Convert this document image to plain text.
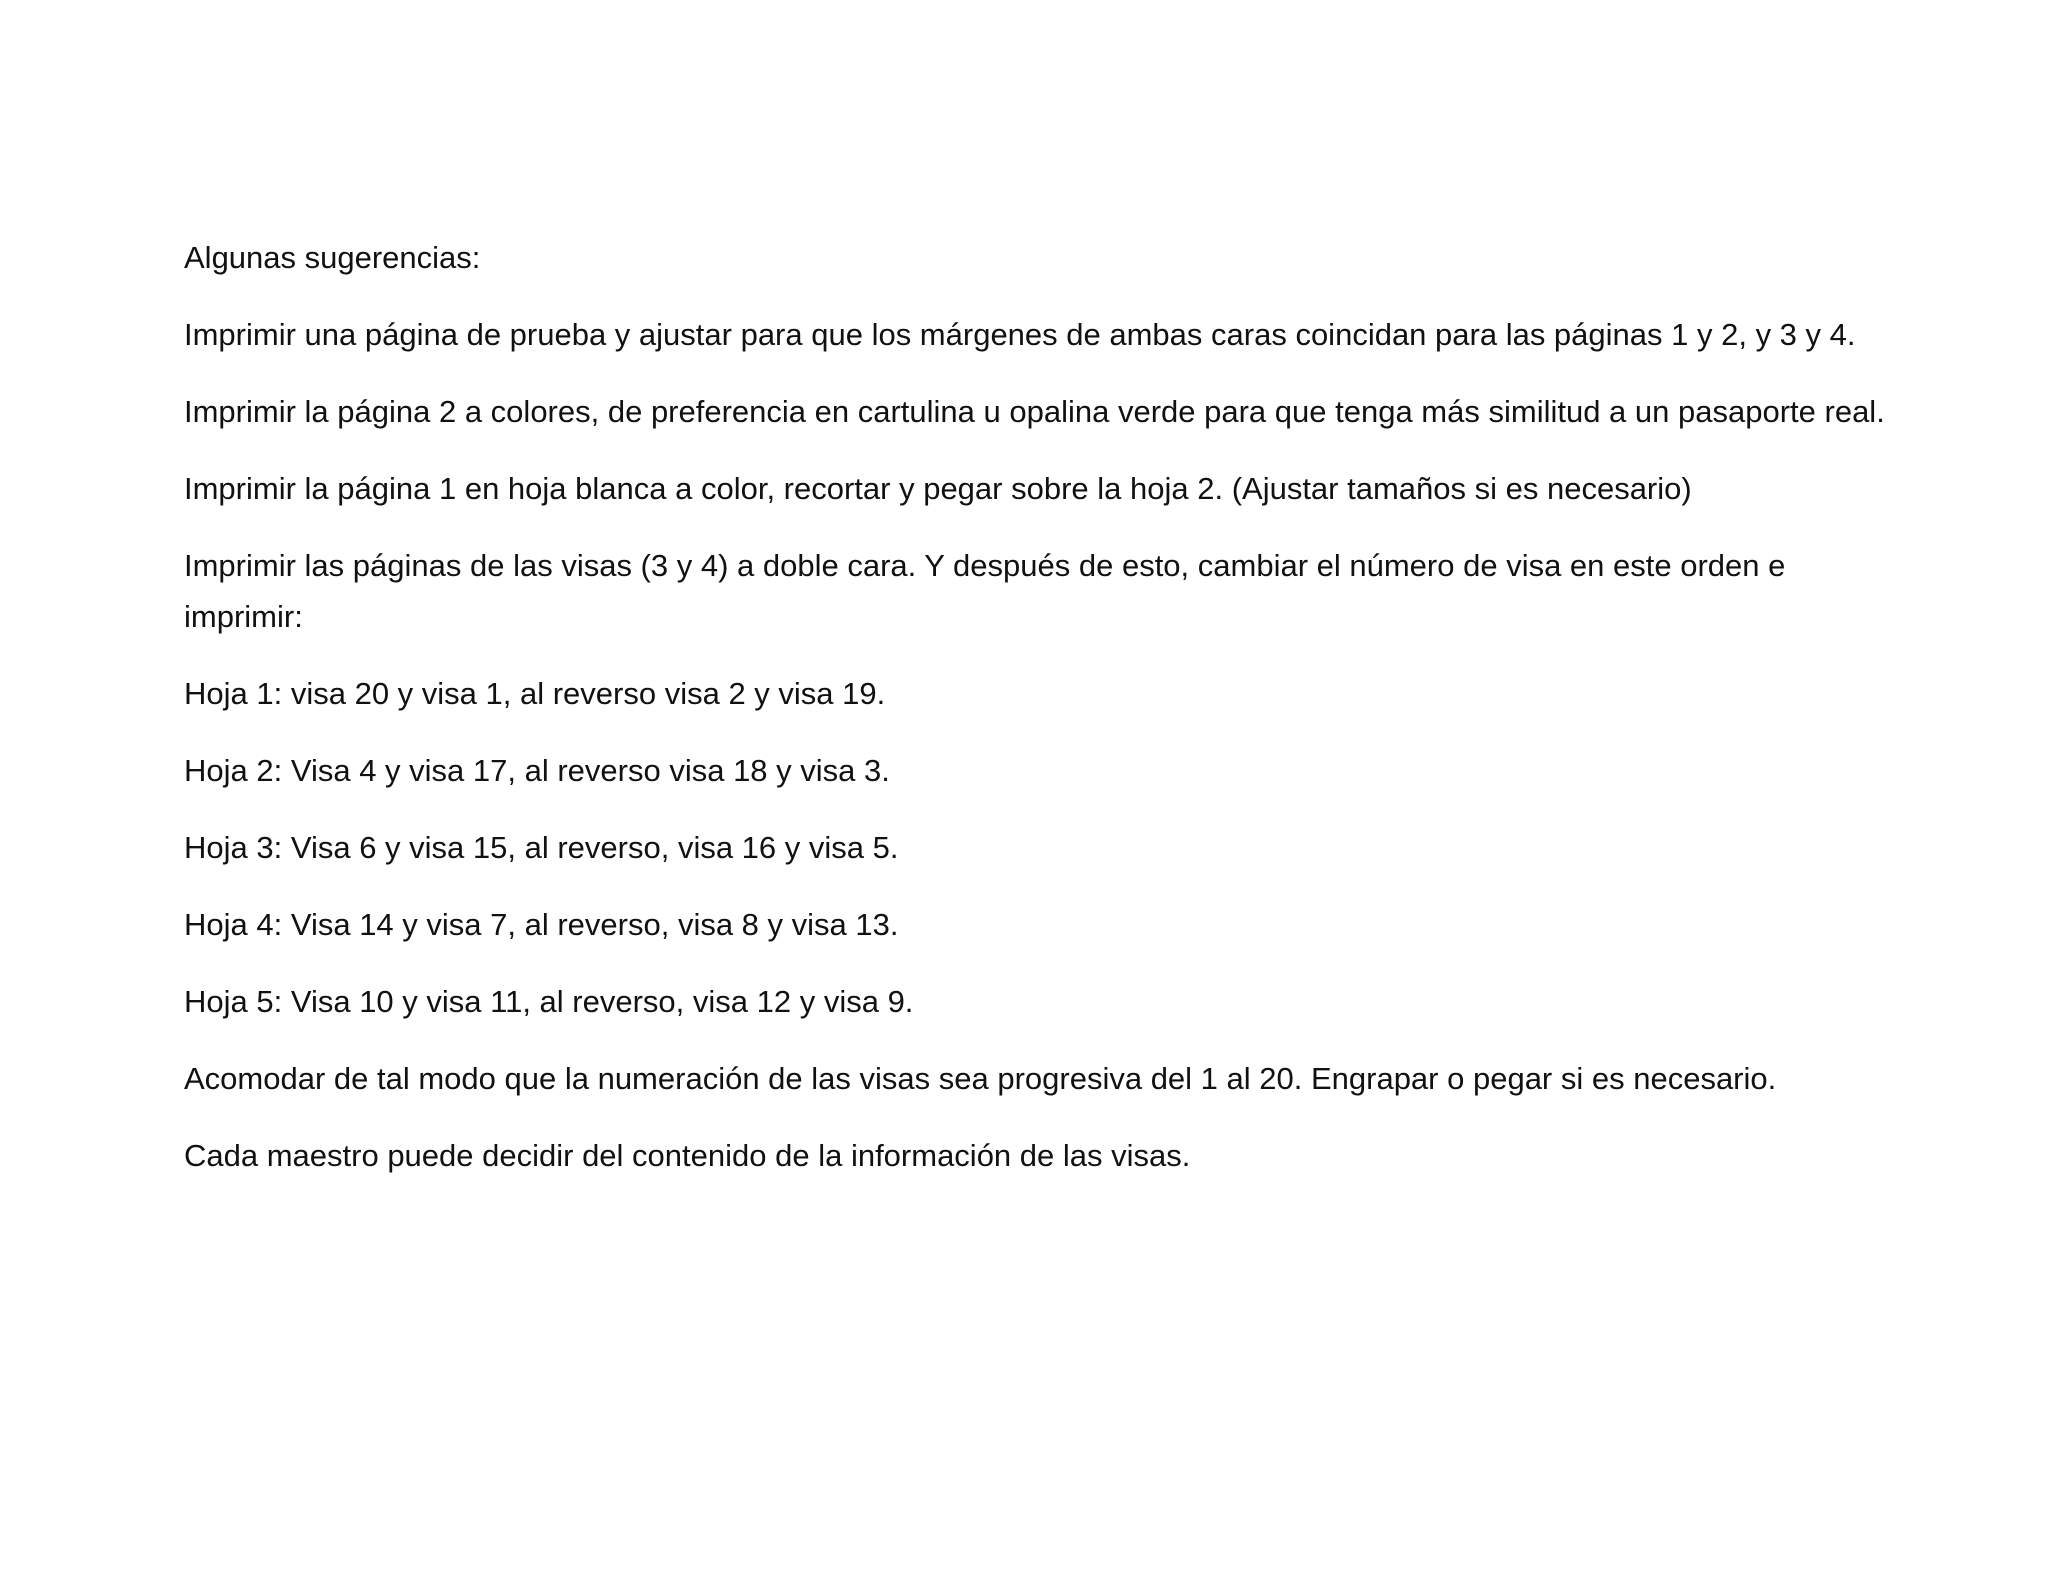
Algunas sugerencias:

Imprimir una página de prueba y ajustar para que los márgenes de ambas caras coincidan para las páginas 1 y 2, y 3 y 4.

Imprimir la página 2 a colores, de preferencia en cartulina u opalina verde para que tenga más similitud a un pasaporte real.

Imprimir la página 1 en hoja blanca a color, recortar y pegar sobre la hoja 2. (Ajustar tamaños si es necesario)

Imprimir las páginas de las visas (3 y 4) a doble cara. Y después de esto, cambiar el número de visa en este orden e imprimir:

Hoja 1: visa 20 y visa 1, al reverso visa 2 y visa 19.

Hoja 2: Visa 4 y visa 17, al reverso visa 18 y visa 3.

Hoja 3: Visa 6 y visa 15, al reverso, visa 16 y visa 5.

Hoja 4: Visa 14 y visa 7, al reverso, visa 8 y visa 13.

Hoja 5: Visa 10 y visa 11, al reverso, visa 12 y visa 9.

Acomodar de tal modo que la numeración de las visas sea progresiva del 1 al 20. Engrapar o pegar si es necesario.

Cada maestro puede decidir del contenido de la información de las visas.
